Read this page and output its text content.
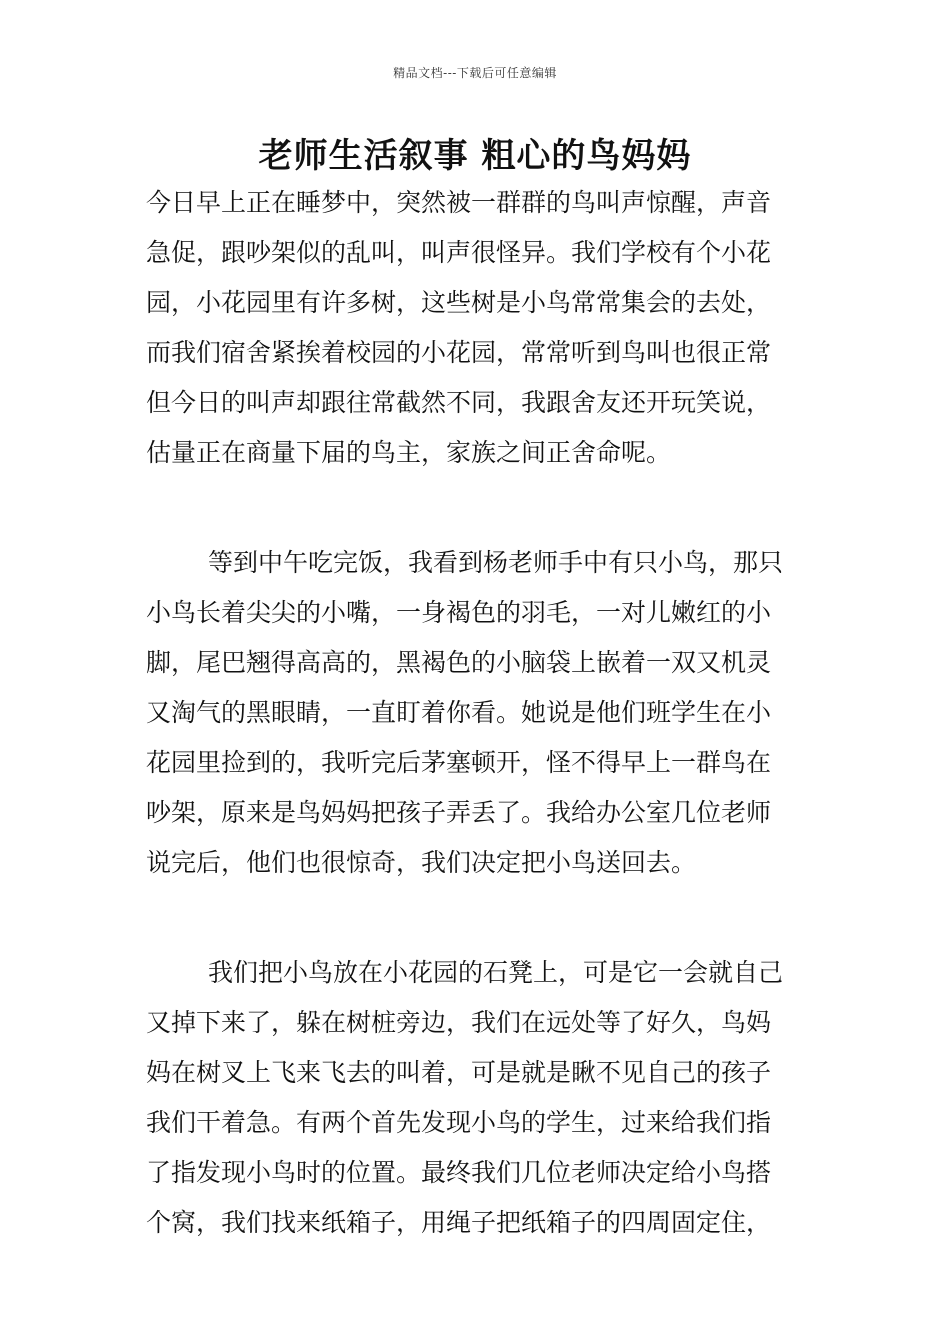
精品文档---下载后可任意编辑
老师生活叙事 粗心的鸟妈妈
今日早上正在睡梦中，突然被一群群的鸟叫声惊醒，声音
急促，跟吵架似的乱叫，叫声很怪异。我们学校有个小花
园，小花园里有许多树，这些树是小鸟常常集会的去处，
而我们宿舍紧挨着校园的小花园，常常听到鸟叫也很正常
但今日的叫声却跟往常截然不同，我跟舍友还开玩笑说，
估量正在商量下届的鸟主，家族之间正舍命呢。
等到中午吃完饭，我看到杨老师手中有只小鸟，那只
小鸟长着尖尖的小嘴，一身褐色的羽毛，一对儿嫩红的小
脚，尾巴翘得高高的，黑褐色的小脑袋上嵌着一双又机灵
又淘气的黑眼睛，一直盯着你看。她说是他们班学生在小
花园里捡到的，我听完后茅塞顿开，怪不得早上一群鸟在
吵架，原来是鸟妈妈把孩子弄丢了。我给办公室几位老师
说完后，他们也很惊奇，我们决定把小鸟送回去。
我们把小鸟放在小花园的石凳上，可是它一会就自己
又掉下来了，躲在树桩旁边，我们在远处等了好久，鸟妈
妈在树叉上飞来飞去的叫着，可是就是瞅不见自己的孩子
我们干着急。有两个首先发现小鸟的学生，过来给我们指
了指发现小鸟时的位置。最终我们几位老师决定给小鸟搭
个窝，我们找来纸箱子，用绳子把纸箱子的四周固定住，
